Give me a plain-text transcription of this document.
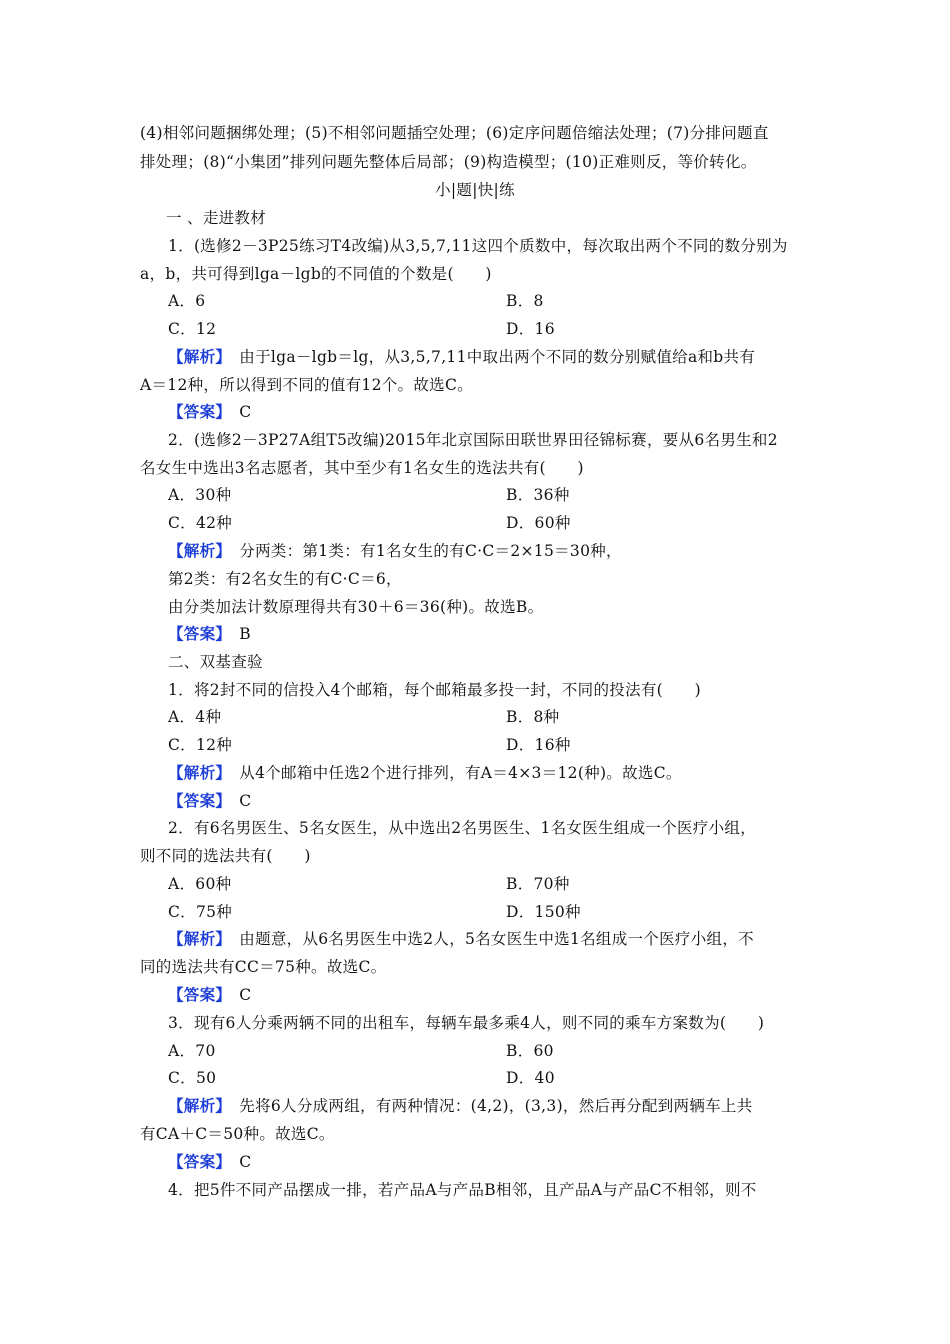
(4)相邻问题捆绑处理；(5)不相邻问题插空处理；(6)定序问题倍缩法处理；(7)分排问题直
排处理；(8)“小集团”排列问题先整体后局部；(9)构造模型；(10)正难则反，等价转化。
小|题|快|练
一 、走进教材
1．(选修2－3P25练习T4改编)从3,5,7,11这四个质数中，每次取出两个不同的数分别为
a，b，共可得到lga－lgb的不同值的个数是(　　)
A．6	B．8
C．12	D．16
【解析】　 由于lga－lgb＝lg，从3,5,7,11中取出两个不同的数分别赋值给a和b共有
A＝12种，所以得到不同的值有12个。故选C。
【答案】　 C
2．(选修2－3P27A组T5改编)2015年北京国际田联世界田径锦标赛，要从6名男生和2
名女生中选出3名志愿者，其中至少有1名女生的选法共有(　　)
A．30种	B．36种
C．42种	D．60种
【解析】　 分两类：第1类：有1名女生的有C·C＝2×15＝30种，
第2类：有2名女生的有C·C＝6，
由分类加法计数原理得共有30＋6＝36(种)。故选B。
【答案】　 B
二、双基查验
1．将2封不同的信投入4个邮箱，每个邮箱最多投一封，不同的投法有(　　)
A．4种	B．8种
C．12种	D．16种
【解析】　 从4个邮箱中任选2个进行排列，有A＝4×3＝12(种)。故选C。
【答案】　 C
2．有6名男医生、5名女医生，从中选出2名男医生、1名女医生组成一个医疗小组，
则不同的选法共有(　　)
A．60种	B．70种
C．75种	D．150种
【解析】　 由题意，从6名男医生中选2人，5名女医生中选1名组成一个医疗小组，不
同的选法共有CC＝75种。故选C。
【答案】　 C
3．现有6人分乘两辆不同的出租车，每辆车最多乘4人，则不同的乘车方案数为(　　)
A．70	B．60
C．50	D．40
【解析】　 先将6人分成两组，有两种情况：(4,2)，(3,3)，然后再分配到两辆车上共
有CA＋C＝50种。故选C。
【答案】　 C
4．把5件不同产品摆成一排，若产品A与产品B相邻，且产品A与产品C不相邻，则不
